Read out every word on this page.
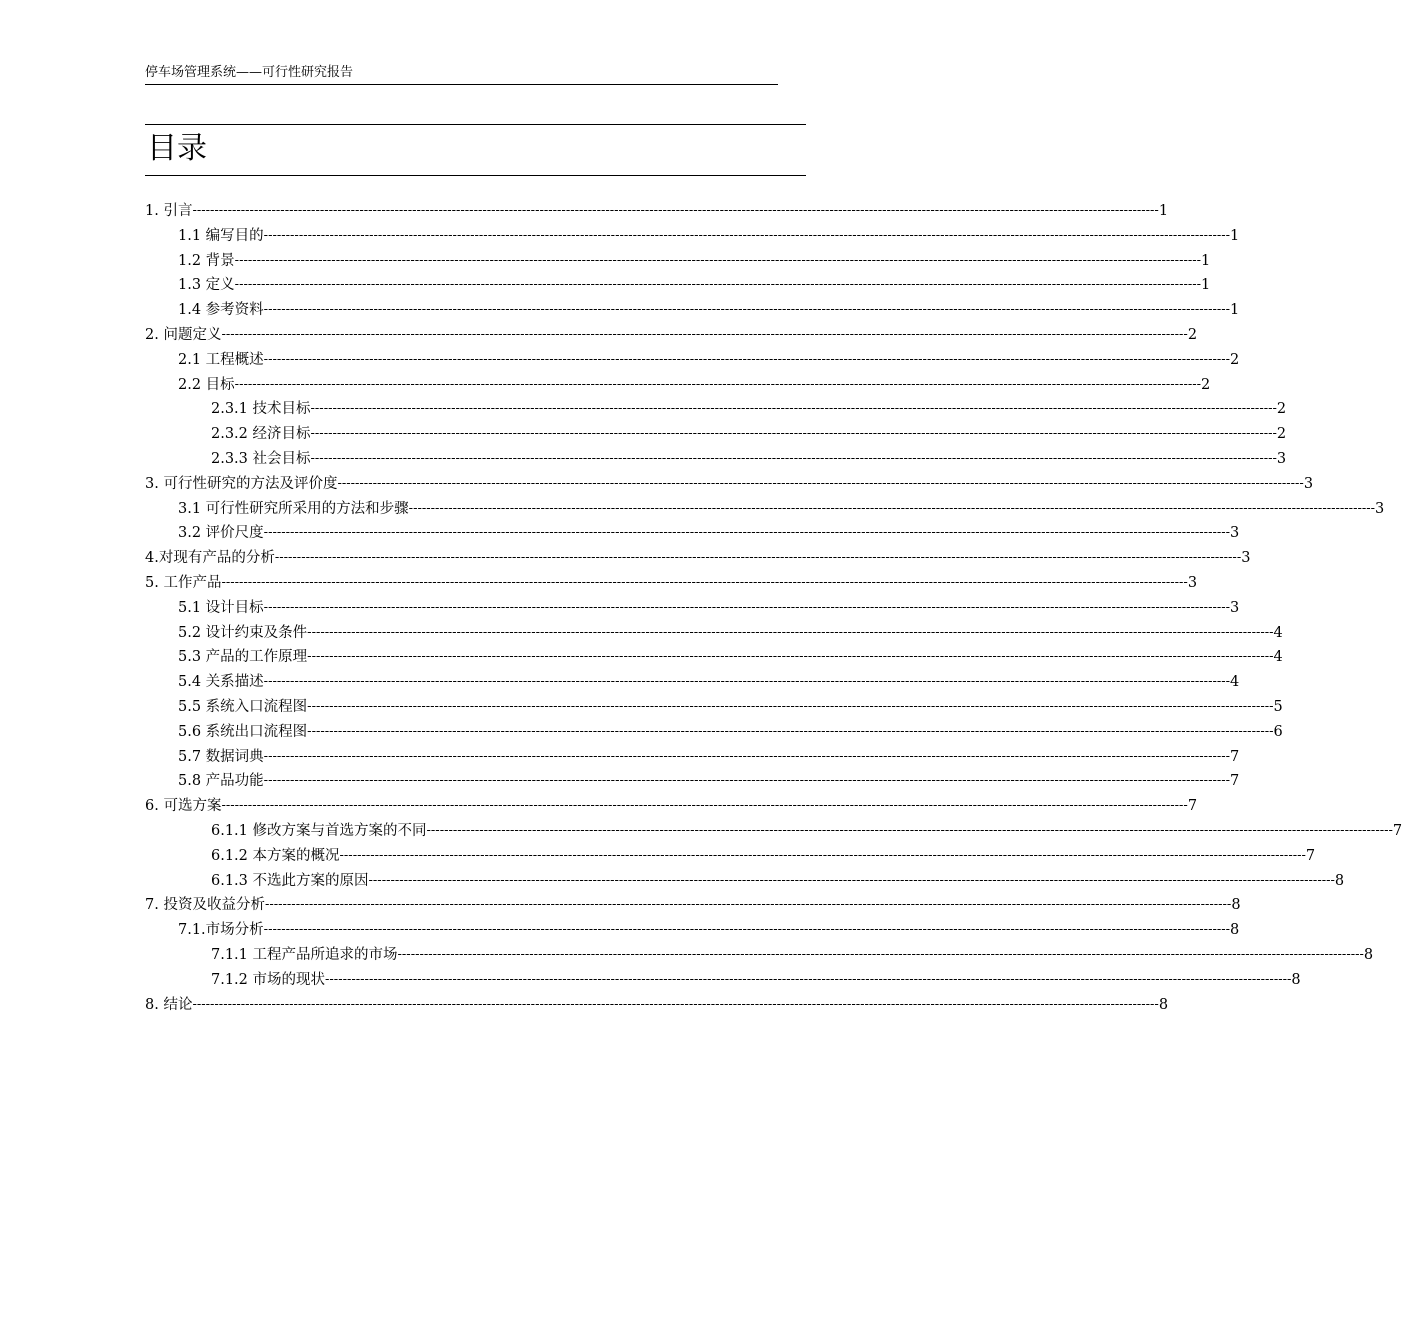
停车场管理系统——可行性研究报告
目录
1. 引言 ---------------------------------------------------------------------------------------------------------------------------------------------------------------------------------------------------------------------------- 1
1.1 编写目的 ---------------------------------------------------------------------------------------------------------------------------------------------------------------------------------------------------------------------------- 1
1.2 背景 ---------------------------------------------------------------------------------------------------------------------------------------------------------------------------------------------------------------------------- 1
1.3 定义 ---------------------------------------------------------------------------------------------------------------------------------------------------------------------------------------------------------------------------- 1
1.4 参考资料 ---------------------------------------------------------------------------------------------------------------------------------------------------------------------------------------------------------------------------- 1
2. 问题定义 ---------------------------------------------------------------------------------------------------------------------------------------------------------------------------------------------------------------------------- 2
2.1 工程概述 ---------------------------------------------------------------------------------------------------------------------------------------------------------------------------------------------------------------------------- 2
2.2 目标 ---------------------------------------------------------------------------------------------------------------------------------------------------------------------------------------------------------------------------- 2
2.3.1 技术目标 ---------------------------------------------------------------------------------------------------------------------------------------------------------------------------------------------------------------------------- 2
2.3.2 经济目标 ---------------------------------------------------------------------------------------------------------------------------------------------------------------------------------------------------------------------------- 2
2.3.3 社会目标 ---------------------------------------------------------------------------------------------------------------------------------------------------------------------------------------------------------------------------- 3
3. 可行性研究的方法及评价度 ---------------------------------------------------------------------------------------------------------------------------------------------------------------------------------------------------------------------------- 3
3.1 可行性研究所采用的方法和步骤 ---------------------------------------------------------------------------------------------------------------------------------------------------------------------------------------------------------------------------- 3
3.2 评价尺度 ---------------------------------------------------------------------------------------------------------------------------------------------------------------------------------------------------------------------------- 3
4.对现有产品的分析 ---------------------------------------------------------------------------------------------------------------------------------------------------------------------------------------------------------------------------- 3
5. 工作产品 ---------------------------------------------------------------------------------------------------------------------------------------------------------------------------------------------------------------------------- 3
5.1 设计目标 ---------------------------------------------------------------------------------------------------------------------------------------------------------------------------------------------------------------------------- 3
5.2 设计约束及条件 ---------------------------------------------------------------------------------------------------------------------------------------------------------------------------------------------------------------------------- 4
5.3 产品的工作原理 ---------------------------------------------------------------------------------------------------------------------------------------------------------------------------------------------------------------------------- 4
5.4 关系描述 ---------------------------------------------------------------------------------------------------------------------------------------------------------------------------------------------------------------------------- 4
5.5 系统入口流程图 ---------------------------------------------------------------------------------------------------------------------------------------------------------------------------------------------------------------------------- 5
5.6 系统出口流程图 ---------------------------------------------------------------------------------------------------------------------------------------------------------------------------------------------------------------------------- 6
5.7 数据词典 ---------------------------------------------------------------------------------------------------------------------------------------------------------------------------------------------------------------------------- 7
5.8 产品功能 ---------------------------------------------------------------------------------------------------------------------------------------------------------------------------------------------------------------------------- 7
6. 可选方案 ---------------------------------------------------------------------------------------------------------------------------------------------------------------------------------------------------------------------------- 7
6.1.1 修改方案与首选方案的不同 ---------------------------------------------------------------------------------------------------------------------------------------------------------------------------------------------------------------------------- 7
6.1.2 本方案的概况 ---------------------------------------------------------------------------------------------------------------------------------------------------------------------------------------------------------------------------- 7
6.1.3 不选此方案的原因 ---------------------------------------------------------------------------------------------------------------------------------------------------------------------------------------------------------------------------- 8
7. 投资及收益分析 ---------------------------------------------------------------------------------------------------------------------------------------------------------------------------------------------------------------------------- 8
7.1.市场分析 ---------------------------------------------------------------------------------------------------------------------------------------------------------------------------------------------------------------------------- 8
7.1.1 工程产品所追求的市场 ---------------------------------------------------------------------------------------------------------------------------------------------------------------------------------------------------------------------------- 8
7.1.2 市场的现状 ---------------------------------------------------------------------------------------------------------------------------------------------------------------------------------------------------------------------------- 8
8. 结论 ---------------------------------------------------------------------------------------------------------------------------------------------------------------------------------------------------------------------------- 8
